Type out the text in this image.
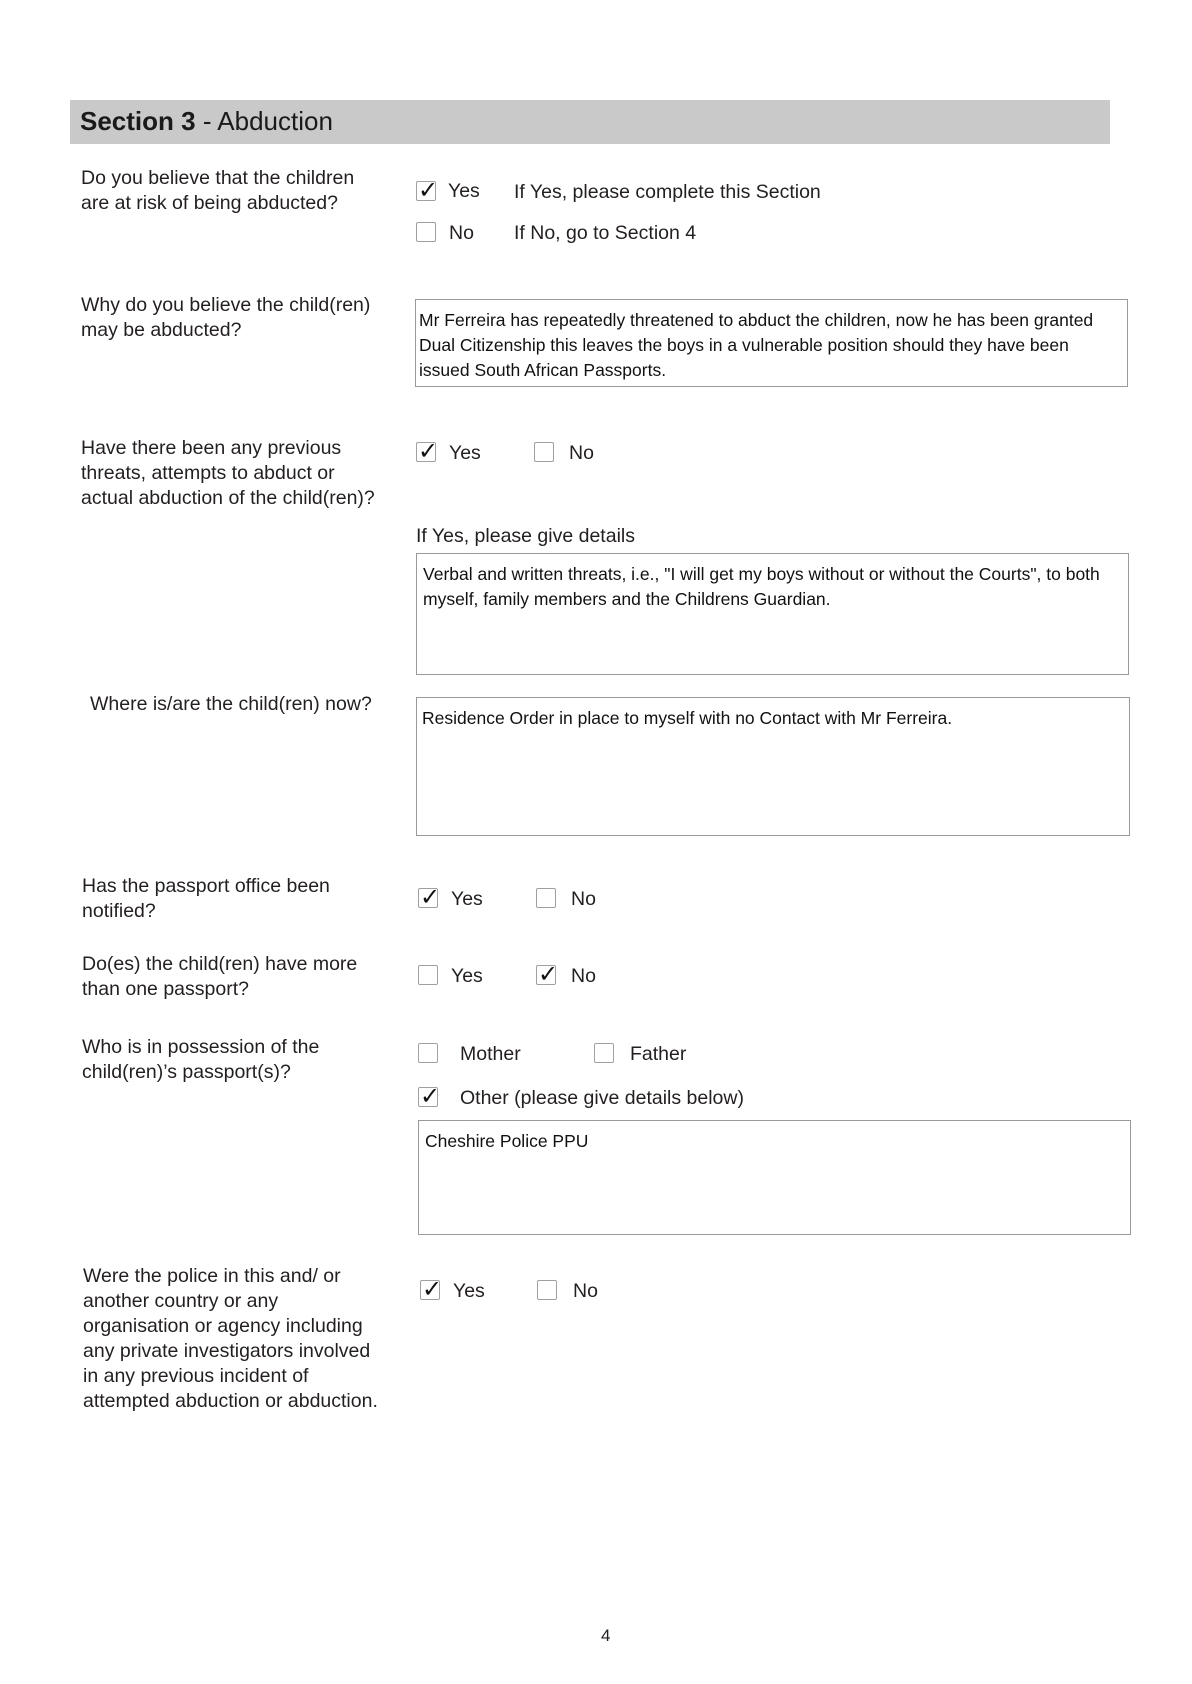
Section 3 - Abduction
Do you believe that the children are at risk of being abducted?	✓ Yes If Yes, please complete this Section
No If No, go to Section 4
Why do you believe the child(ren) may be abducted?	Mr Ferreira has repeatedly threatened to abduct the children, now he has been granted Dual Citizenship this leaves the boys in a vulnerable position should they have been issued South African Passports.
Have there been any previous threats, attempts to abduct or actual abduction of the child(ren)?
✓ Yes	No
If Yes, please give details
Verbal and written threats, i.e., "I will get my boys without or without the Courts", to both myself, family members and the Childrens Guardian.
Where is/are the child(ren) now?
Residence Order in place to myself with no Contact with Mr Ferreira.
Has the passport office been notified?	✓ Yes	No
Do(es) the child(ren) have more than one passport?
Yes ✓ No
Who is in possession of the child(ren)’s passport(s)?
Mother	Father
✓ Other (please give details below)
Cheshire Police PPU
Were the police in this and/ or another country or any organisation or agency including any private investigators involved in any previous incident of attempted abduction or abduction.
✓ Yes	No
4
